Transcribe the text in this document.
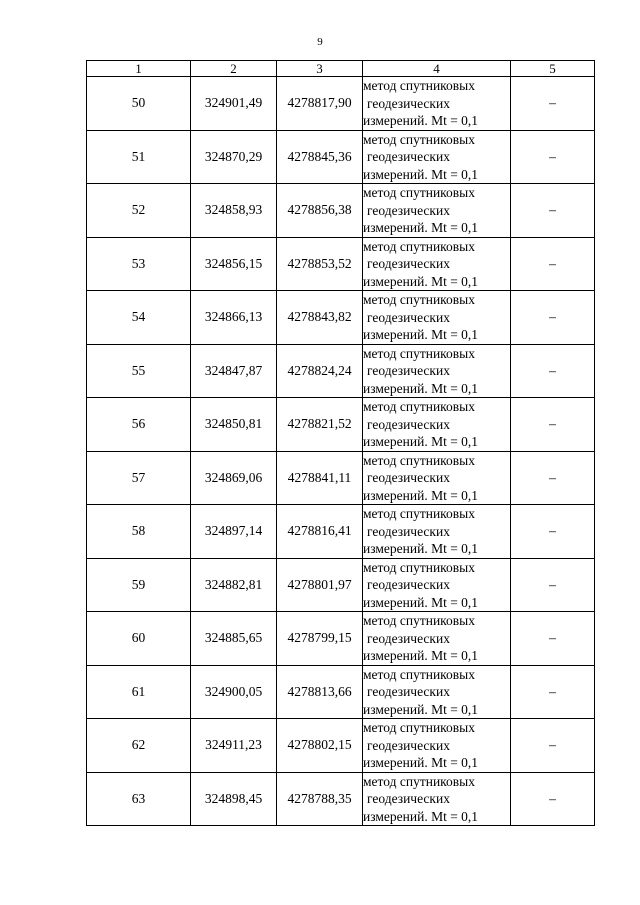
9
1	2	3	4	5
50	324901,49	4278817,90	метод спутниковых
геодезических
измерений. Mt = 0,1	–
51	324870,29	4278845,36	метод спутниковых
геодезических
измерений. Mt = 0,1	–
52	324858,93	4278856,38	метод спутниковых
геодезических
измерений. Mt = 0,1	–
53	324856,15	4278853,52	метод спутниковых
геодезических
измерений. Mt = 0,1	–
54	324866,13	4278843,82	метод спутниковых
геодезических
измерений. Mt = 0,1	–
55	324847,87	4278824,24	метод спутниковых
геодезических
измерений. Mt = 0,1	–
56	324850,81	4278821,52	метод спутниковых
геодезических
измерений. Mt = 0,1	–
57	324869,06	4278841,11	метод спутниковых
геодезических
измерений. Mt = 0,1	–
58	324897,14	4278816,41	метод спутниковых
геодезических
измерений. Mt = 0,1	–
59	324882,81	4278801,97	метод спутниковых
геодезических
измерений. Mt = 0,1	–
60	324885,65	4278799,15	метод спутниковых
геодезических
измерений. Mt = 0,1	–
61	324900,05	4278813,66	метод спутниковых
геодезических
измерений. Mt = 0,1	–
62	324911,23	4278802,15	метод спутниковых
геодезических
измерений. Mt = 0,1	–
63	324898,45	4278788,35	метод спутниковых
геодезических
измерений. Mt = 0,1	–
